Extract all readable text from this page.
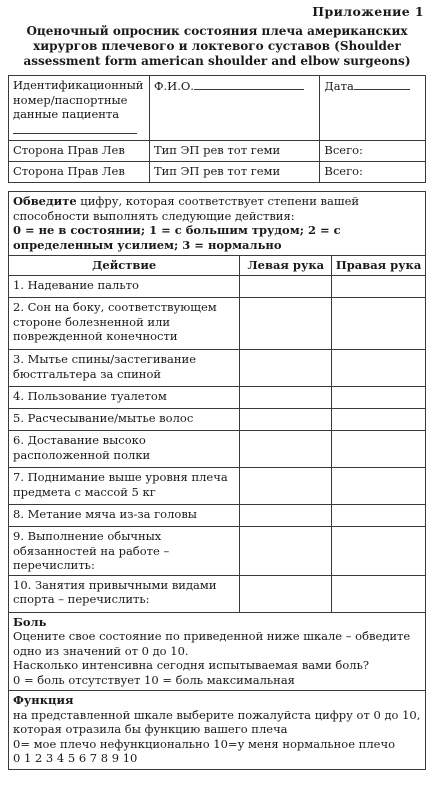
Приложение 1
Оценочный опросник состояния плеча американских хирургов плечевого и локтевого суставов (Shoulder assessment form american shoulder and elbow surgeons)
Идентификационный номер/паспортные данные пациента	Ф.И.О.	Дата
Сторона Прав Лев	Тип ЭП рев тот геми	Всего:
Сторона Прав Лев	Тип ЭП рев тот геми	Всего:
Обведите цифру, которая соответствует степени вашей способности выполнять следующие действия:
0 = не в состоянии; 1 = с большим трудом; 2 = с определенным усилием; 3 = нормально		
Действие	Левая рука	Правая рука
1. Надевание пальто		
2. Сон на боку, соответствующем стороне болезненной или поврежденной конечности		
3. Мытье спины/застегивание бюстгальтера за спиной		
4. Пользование туалетом		
5. Расчесывание/мытье волос		
6. Доставание высоко расположенной полки		
7. Поднимание выше уровня плеча предмета с массой 5 кг		
8. Метание мяча из-за головы		
9. Выполнение обычных обязанностей на работе – перечислить:		
10. Занятия привычными видами спорта – перечислить:		
Боль
Оцените свое состояние по приведенной ниже шкале – обведите одно из значений от 0 до 10.
Насколько интенсивна сегодня испытываемая вами боль?
0 = боль отсутствует 10 = боль максимальная		
Функция
на представленной шкале выберите пожалуйста цифру от 0 до 10, которая отразила бы функцию вашего плеча
0= мое плечо нефункционально 10=у меня нормальное плечо
0 1 2 3 4 5 6 7 8 9 10		
